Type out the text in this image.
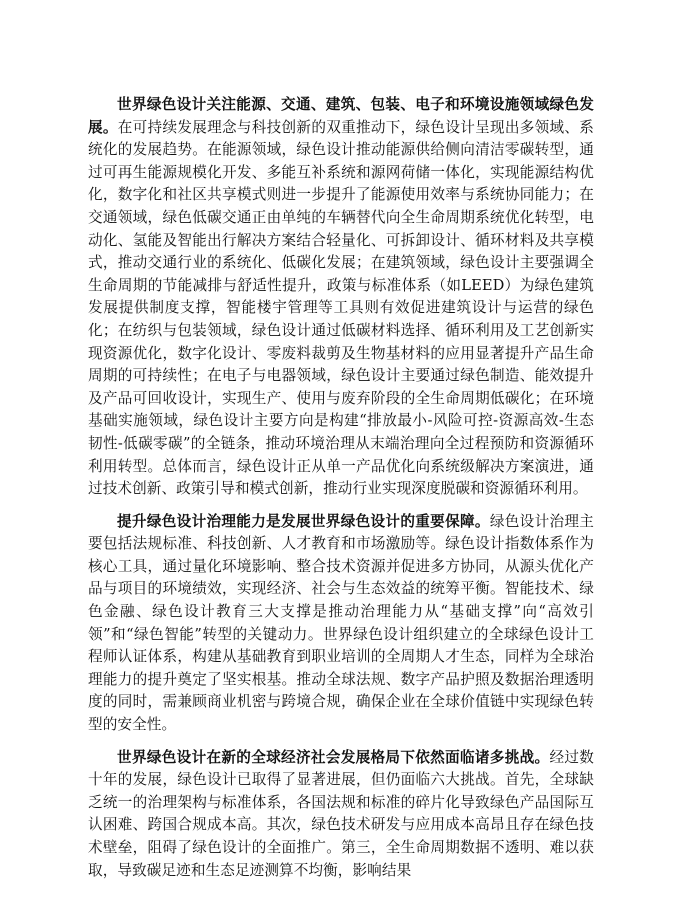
世界绿色设计关注能源、交通、建筑、包装、电子和环境设施领域绿色发展。在可持续发展理念与科技创新的双重推动下，绿色设计呈现出多领域、系统化的发展趋势。在能源领域，绿色设计推动能源供给侧向清洁零碳转型，通过可再生能源规模化开发、多能互补系统和源网荷储一体化，实现能源结构优化，数字化和社区共享模式则进一步提升了能源使用效率与系统协同能力；在交通领域，绿色低碳交通正由单纯的车辆替代向全生命周期系统优化转型，电动化、氢能及智能出行解决方案结合轻量化、可拆卸设计、循环材料及共享模式，推动交通行业的系统化、低碳化发展；在建筑领域，绿色设计主要强调全生命周期的节能减排与舒适性提升，政策与标准体系（如LEED）为绿色建筑发展提供制度支撑，智能楼宇管理等工具则有效促进建筑设计与运营的绿色化；在纺织与包装领域，绿色设计通过低碳材料选择、循环利用及工艺创新实现资源优化，数字化设计、零废料裁剪及生物基材料的应用显著提升产品生命周期的可持续性；在电子与电器领域，绿色设计主要通过绿色制造、能效提升及产品可回收设计，实现生产、使用与废弃阶段的全生命周期低碳化；在环境基础实施领域，绿色设计主要方向是构建“排放最小-风险可控-资源高效-生态韧性-低碳零碳”的全链条，推动环境治理从末端治理向全过程预防和资源循环利用转型。总体而言，绿色设计正从单一产品优化向系统级解决方案演进，通过技术创新、政策引导和模式创新，推动行业实现深度脱碳和资源循环利用。

提升绿色设计治理能力是发展世界绿色设计的重要保障。绿色设计治理主要包括法规标准、科技创新、人才教育和市场激励等。绿色设计指数体系作为核心工具，通过量化环境影响、整合技术资源并促进多方协同，从源头优化产品与项目的环境绩效，实现经济、社会与生态效益的统筹平衡。智能技术、绿色金融、绿色设计教育三大支撑是推动治理能力从“基础支撑”向“高效引领”和“绿色智能”转型的关键动力。世界绿色设计组织建立的全球绿色设计工程师认证体系，构建从基础教育到职业培训的全周期人才生态，同样为全球治理能力的提升奠定了坚实根基。推动全球法规、数字产品护照及数据治理透明度的同时，需兼顾商业机密与跨境合规，确保企业在全球价值链中实现绿色转型的安全性。

世界绿色设计在新的全球经济社会发展格局下依然面临诸多挑战。经过数十年的发展，绿色设计已取得了显著进展，但仍面临六大挑战。首先，全球缺乏统一的治理架构与标准体系，各国法规和标准的碎片化导致绿色产品国际互认困难、跨国合规成本高。其次，绿色技术研发与应用成本高昂且存在绿色技术壁垒，阻碍了绿色设计的全面推广。第三，全生命周期数据不透明、难以获取，导致碳足迹和生态足迹测算不均衡，影响结果
